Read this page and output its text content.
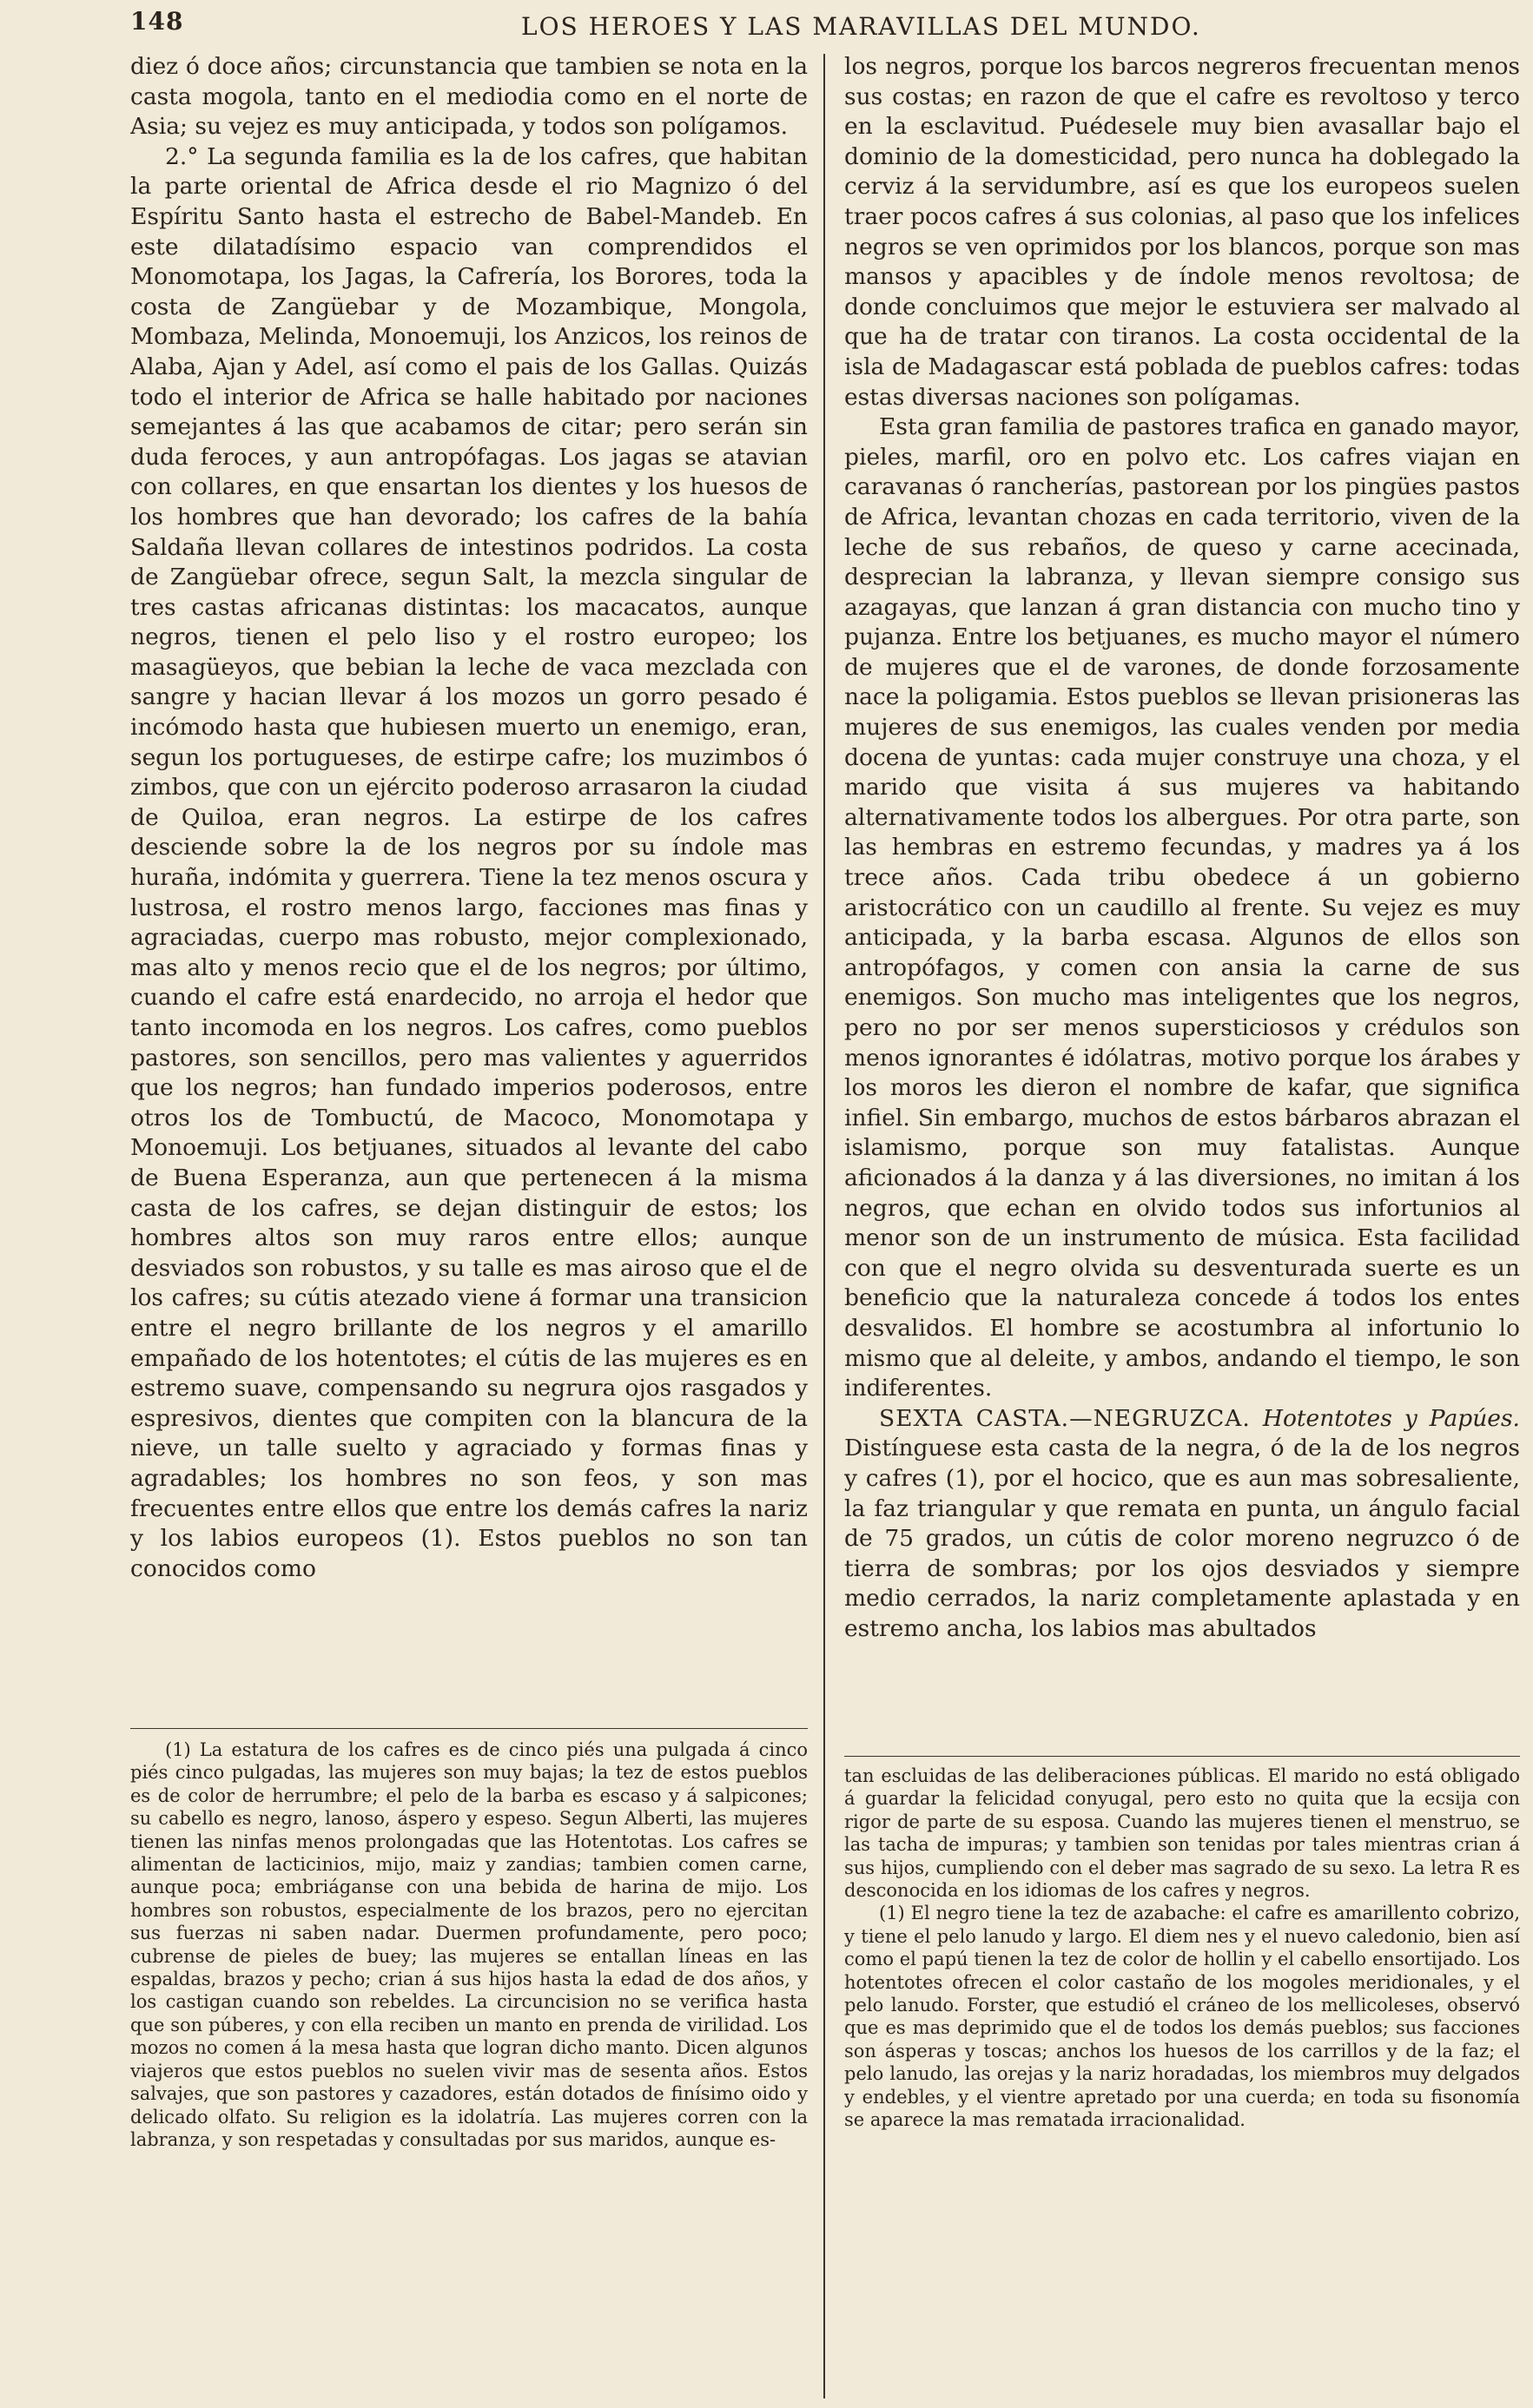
148	LOS HEROES Y LAS MARAVILLAS DEL MUNDO.

diez ó doce años; circunstancia que tambien se nota en la casta mogola, tanto en el mediodia como en el norte de Asia; su vejez es muy anticipada, y todos son polígamos.

2.° La segunda familia es la de los cafres, que habitan la parte oriental de Africa desde el rio Magnizo ó del Espíritu Santo hasta el estrecho de Babel-Mandeb. En este dilatadísimo espacio van comprendidos el Monomotapa, los Jagas, la Cafrería, los Borores, toda la costa de Zangüebar y de Mozambique, Mongola, Mombaza, Melinda, Monoemuji, los Anzicos, los reinos de Alaba, Ajan y Adel, así como el pais de los Gallas. Quizás todo el interior de Africa se halle habitado por naciones semejantes á las que acabamos de citar; pero serán sin duda feroces, y aun antropófagas. Los jagas se atavian con collares, en que ensartan los dientes y los huesos de los hombres que han devorado; los cafres de la bahía Saldaña llevan collares de intestinos podridos. La costa de Zangüebar ofrece, segun Salt, la mezcla singular de tres castas africanas distintas: los macacatos, aunque negros, tienen el pelo liso y el rostro europeo; los masagüeyos, que bebian la leche de vaca mezclada con sangre y hacian llevar á los mozos un gorro pesado é incómodo hasta que hubiesen muerto un enemigo, eran, segun los portugueses, de estirpe cafre; los muzimbos ó zimbos, que con un ejército poderoso arrasaron la ciudad de Quiloa, eran negros. La estirpe de los cafres desciende sobre la de los negros por su índole mas huraña, indómita y guerrera. Tiene la tez menos oscura y lustrosa, el rostro menos largo, facciones mas finas y agraciadas, cuerpo mas robusto, mejor complexionado, mas alto y menos recio que el de los negros; por último, cuando el cafre está enardecido, no arroja el hedor que tanto incomoda en los negros. Los cafres, como pueblos pastores, son sencillos, pero mas valientes y aguerridos que los negros; han fundado imperios poderosos, entre otros los de Tombuctú, de Macoco, Monomotapa y Monoemuji. Los betjuanes, situados al levante del cabo de Buena Esperanza, aun que pertenecen á la misma casta de los cafres, se dejan distinguir de estos; los hombres altos son muy raros entre ellos; aunque desviados son robustos, y su talle es mas airoso que el de los cafres; su cútis atezado viene á formar una transicion entre el negro brillante de los negros y el amarillo empañado de los hotentotes; el cútis de las mujeres es en estremo suave, compensando su negrura ojos rasgados y espresivos, dientes que compiten con la blancura de la nieve, un talle suelto y agraciado y formas finas y agradables; los hombres no son feos, y son mas frecuentes entre ellos que entre los demás cafres la nariz y los labios europeos (1). Estos pueblos no son tan conocidos como

(1) La estatura de los cafres es de cinco piés una pulgada á cinco piés cinco pulgadas, las mujeres son muy bajas; la tez de estos pueblos es de color de herrumbre; el pelo de la barba es escaso y á salpicones; su cabello es negro, lanoso, áspero y espeso. Segun Alberti, las mujeres tienen las ninfas menos prolongadas que las Hotentotas. Los cafres se alimentan de lacticinios, mijo, maiz y zandias; tambien comen carne, aunque poca; embriáganse con una bebida de harina de mijo. Los hombres son robustos, especialmente de los brazos, pero no ejercitan sus fuerzas ni saben nadar. Duermen profundamente, pero poco; cubrense de pieles de buey; las mujeres se entallan líneas en las espaldas, brazos y pecho; crian á sus hijos hasta la edad de dos años, y los castigan cuando son rebeldes. La circuncision no se verifica hasta que son púberes, y con ella reciben un manto en prenda de virilidad. Los mozos no comen á la mesa hasta que logran dicho manto. Dicen algunos viajeros que estos pueblos no suelen vivir mas de sesenta años. Estos salvajes, que son pastores y cazadores, están dotados de finísimo oido y delicado olfato. Su religion es la idolatría. Las mujeres corren con la labranza, y son respetadas y consultadas por sus maridos, aunque es-

los negros, porque los barcos negreros frecuentan menos sus costas; en razon de que el cafre es revoltoso y terco en la esclavitud. Puédesele muy bien avasallar bajo el dominio de la domesticidad, pero nunca ha doblegado la cerviz á la servidumbre, así es que los europeos suelen traer pocos cafres á sus colonias, al paso que los infelices negros se ven oprimidos por los blancos, porque son mas mansos y apacibles y de índole menos revoltosa; de donde concluimos que mejor le estuviera ser malvado al que ha de tratar con tiranos. La costa occidental de la isla de Madagascar está poblada de pueblos cafres: todas estas diversas naciones son polígamas.

Esta gran familia de pastores trafica en ganado mayor, pieles, marfil, oro en polvo etc. Los cafres viajan en caravanas ó rancherías, pastorean por los pingües pastos de Africa, levantan chozas en cada territorio, viven de la leche de sus rebaños, de queso y carne acecinada, desprecian la labranza, y llevan siempre consigo sus azagayas, que lanzan á gran distancia con mucho tino y pujanza. Entre los betjuanes, es mucho mayor el número de mujeres que el de varones, de donde forzosamente nace la poligamia. Estos pueblos se llevan prisioneras las mujeres de sus enemigos, las cuales venden por media docena de yuntas: cada mujer construye una choza, y el marido que visita á sus mujeres va habitando alternativamente todos los albergues. Por otra parte, son las hembras en estremo fecundas, y madres ya á los trece años. Cada tribu obedece á un gobierno aristocrático con un caudillo al frente. Su vejez es muy anticipada, y la barba escasa. Algunos de ellos son antropófagos, y comen con ansia la carne de sus enemigos. Son mucho mas inteligentes que los negros, pero no por ser menos supersticiosos y crédulos son menos ignorantes é idólatras, motivo porque los árabes y los moros les dieron el nombre de kafar, que significa infiel. Sin embargo, muchos de estos bárbaros abrazan el islamismo, porque son muy fatalistas. Aunque aficionados á la danza y á las diversiones, no imitan á los negros, que echan en olvido todos sus infortunios al menor son de un instrumento de música. Esta facilidad con que el negro olvida su desventurada suerte es un beneficio que la naturaleza concede á todos los entes desvalidos. El hombre se acostumbra al infortunio lo mismo que al deleite, y ambos, andando el tiempo, le son indiferentes.

SEXTA CASTA.—NEGRUZCA. Hotentotes y Papúes. Distínguese esta casta de la negra, ó de la de los negros y cafres (1), por el hocico, que es aun mas sobresaliente, la faz triangular y que remata en punta, un ángulo facial de 75 grados, un cútis de color moreno negruzco ó de tierra de sombras; por los ojos desviados y siempre medio cerrados, la nariz completamente aplastada y en estremo ancha, los labios mas abultados

tan escluidas de las deliberaciones públicas. El marido no está obligado á guardar la felicidad conyugal, pero esto no quita que la ecsija con rigor de parte de su esposa. Cuando las mujeres tienen el menstruo, se las tacha de impuras; y tambien son tenidas por tales mientras crian á sus hijos, cumpliendo con el deber mas sagrado de su sexo. La letra R es desconocida en los idiomas de los cafres y negros.

(1) El negro tiene la tez de azabache: el cafre es amarillento cobrizo, y tiene el pelo lanudo y largo. El diem nes y el nuevo caledonio, bien así como el papú tienen la tez de color de hollin y el cabello ensortijado. Los hotentotes ofrecen el color castaño de los mogoles meridionales, y el pelo lanudo. Forster, que estudió el cráneo de los mellicoleses, observó que es mas deprimido que el de todos los demás pueblos; sus facciones son ásperas y toscas; anchos los huesos de los carrillos y de la faz; el pelo lanudo, las orejas y la nariz horadadas, los miembros muy delgados y endebles, y el vientre apretado por una cuerda; en toda su fisonomía se aparece la mas rematada irracionalidad.
